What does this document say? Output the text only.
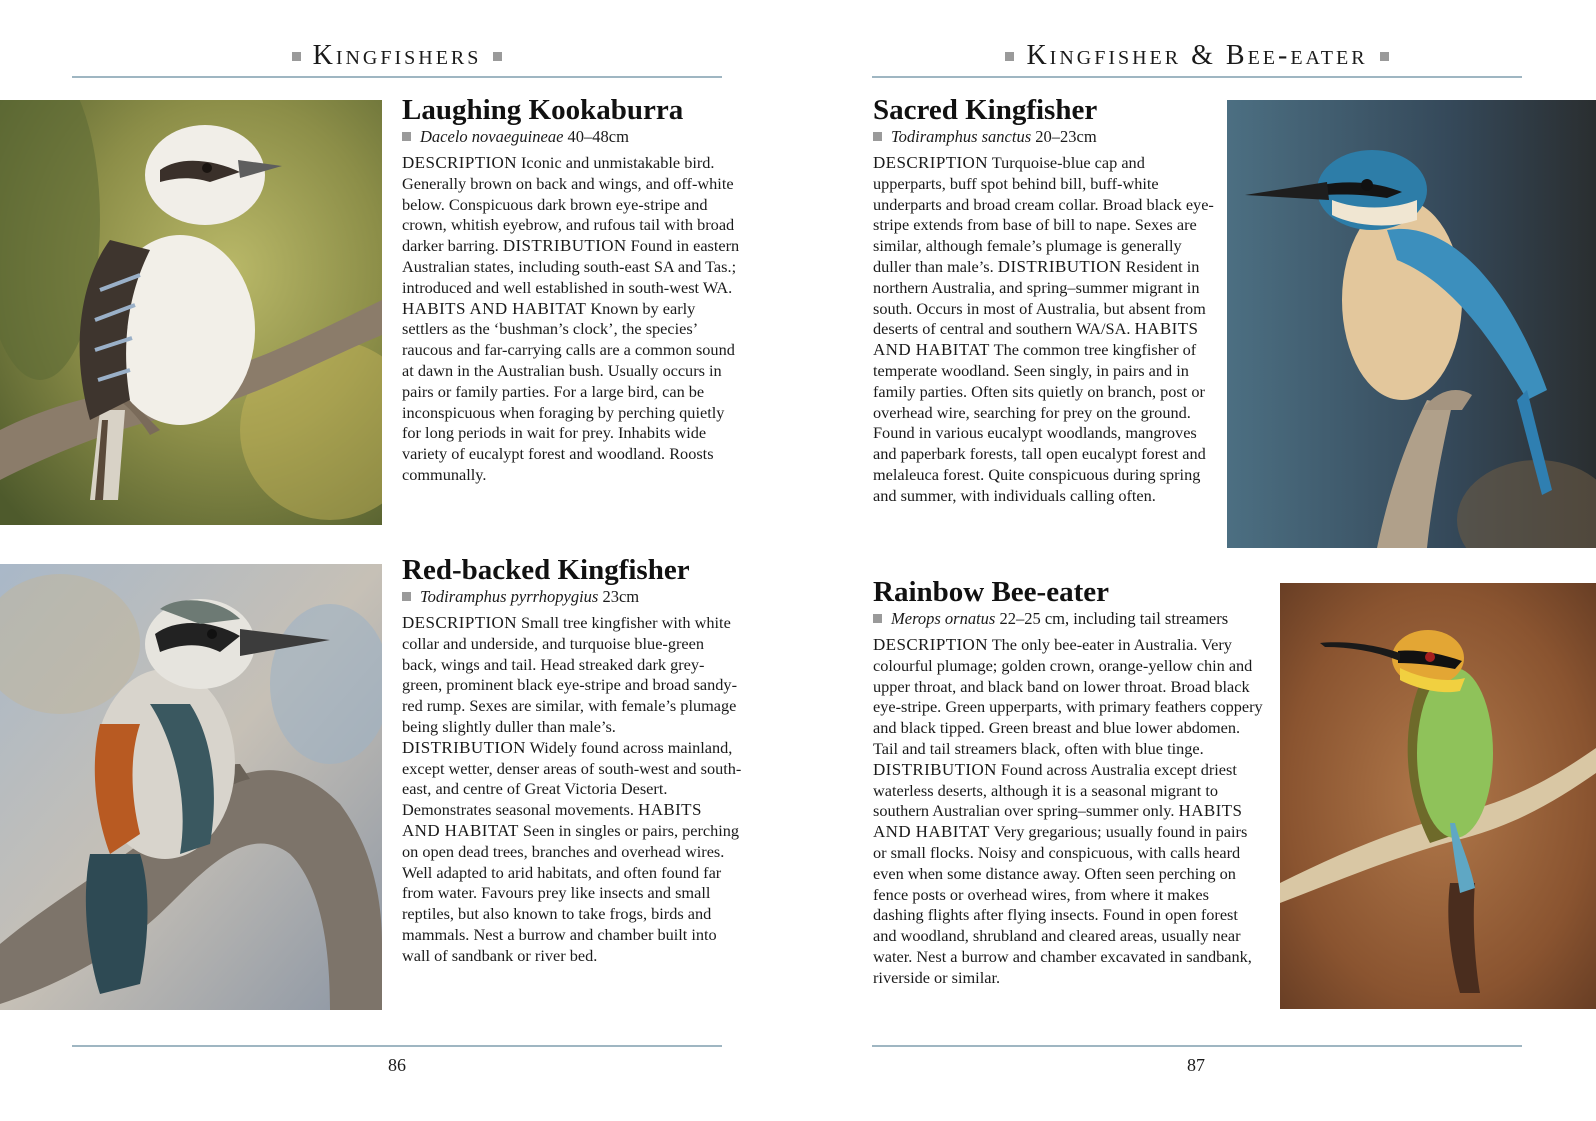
Kingfishers
Laughing Kookaburra
Dacelo novaeguineae 40–48cm
DESCRIPTION Iconic and unmistakable bird. Generally brown on back and wings, and off-white below. Conspicuous dark brown eye-stripe and crown, whitish eyebrow, and rufous tail with broad darker barring. DISTRIBUTION Found in eastern Australian states, including south-east SA and Tas.; introduced and well established in south-west WA. HABITS AND HABITAT Known by early settlers as the ‘bushman’s clock’, the species’ raucous and far-carrying calls are a common sound at dawn in the Australian bush. Usually occurs in pairs or family parties. For a large bird, can be inconspicuous when foraging by perching quietly for long periods in wait for prey. Inhabits wide variety of eucalypt forest and woodland. Roosts communally.
Red-backed Kingfisher
Todiramphus pyrrhopygius 23cm
DESCRIPTION Small tree kingfisher with white collar and underside, and turquoise blue-green back, wings and tail. Head streaked dark grey-green, prominent black eye-stripe and broad sandy-red rump. Sexes are similar, with female’s plumage being slightly duller than male’s. DISTRIBUTION Widely found across mainland, except wetter, denser areas of south-west and south-east, and centre of Great Victoria Desert. Demonstrates seasonal movements. HABITS AND HABITAT Seen in singles or pairs, perching on open dead trees, branches and overhead wires. Well adapted to arid habitats, and often found far from water. Favours prey like insects and small reptiles, but also known to take frogs, birds and mammals. Nest a burrow and chamber built into wall of sandbank or river bed.
86
Kingfisher & Bee-eater
Sacred Kingfisher
Todiramphus sanctus 20–23cm
DESCRIPTION Turquoise-blue cap and upperparts, buff spot behind bill, buff-white underparts and broad cream collar. Broad black eye-stripe extends from base of bill to nape. Sexes are similar, although female’s plumage is generally duller than male’s. DISTRIBUTION Resident in northern Australia, and spring–summer migrant in south. Occurs in most of Australia, but absent from deserts of central and southern WA/SA. HABITS AND HABITAT The common tree kingfisher of temperate woodland. Seen singly, in pairs and in family parties. Often sits quietly on branch, post or overhead wire, searching for prey on the ground. Found in various eucalypt woodlands, mangroves and paperbark forests, tall open eucalypt forest and melaleuca forest. Quite conspicuous during spring and summer, with individuals calling often.
Rainbow Bee-eater
Merops ornatus 22–25 cm, including tail streamers
DESCRIPTION The only bee-eater in Australia. Very colourful plumage; golden crown, orange-yellow chin and upper throat, and black band on lower throat. Broad black eye-stripe. Green upperparts, with primary feathers coppery and black tipped. Green breast and blue lower abdomen. Tail and tail streamers black, often with blue tinge. DISTRIBUTION Found across Australia except driest waterless deserts, although it is a seasonal migrant to southern Australian over spring–summer only. HABITS AND HABITAT Very gregarious; usually found in pairs or small flocks. Noisy and conspicuous, with calls heard even when some distance away. Often seen perching on fence posts or overhead wires, from where it makes dashing flights after flying insects. Found in open forest and woodland, shrubland and cleared areas, usually near water. Nest a burrow and chamber excavated in sandbank, riverside or similar.
87
